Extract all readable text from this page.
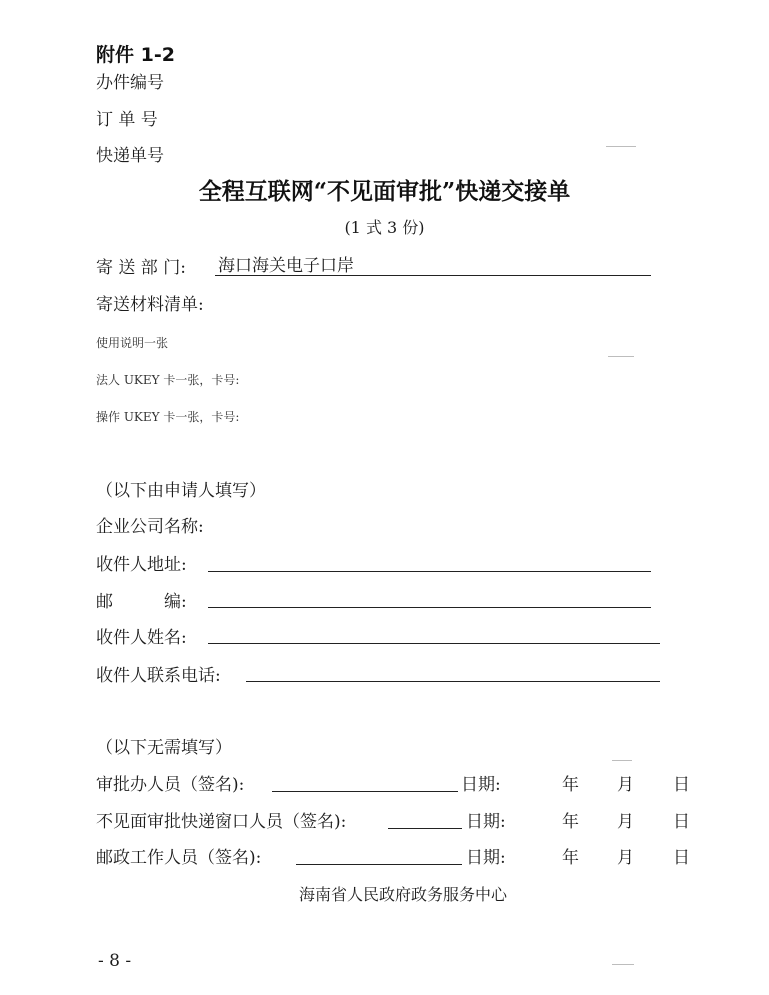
附件 1-2
办件编号
订 单 号
快递单号
全程互联网“不见面审批”快递交接单
(1 式 3 份)
寄 送 部 门: 海口海关电子口岸
寄送材料清单:
使用说明一张
法人 UKEY 卡一张，卡号:
操作 UKEY 卡一张，卡号:
（以下由申请人填写）
企业公司名称:
收件人地址:
邮　　　编:
收件人姓名:
收件人联系电话:
（以下无需填写）
审批办人员（签名):	日期:	年 月 日
不见面审批快递窗口人员（签名):	日期:	年 月 日
邮政工作人员（签名):	日期:	年 月 日
海南省人民政府政务服务中心
- 8 -
